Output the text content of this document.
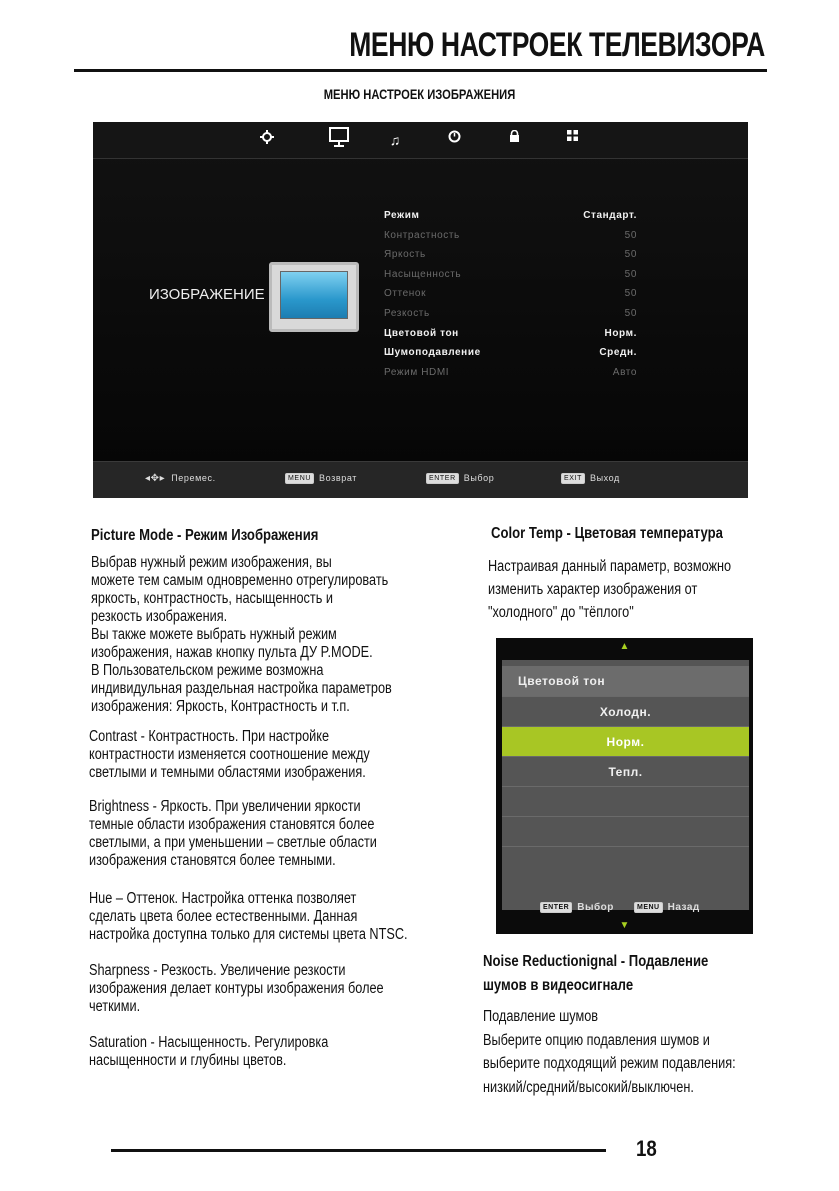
МЕНЮ НАСТРОЕК ТЕЛЕВИЗОРА
МЕНЮ НАСТРОЕК ИЗОБРАЖЕНИЯ
♫
ИЗОБРАЖЕНИЕ
Режим	Стандарт.
Контрастность	50
Яркость	50
Насыщенность	50
Оттенок	50
Резкость	50
Цветовой тон	Норм.
Шумоподавление	Средн.
Режим HDMI	Авто
◂✥▸ Перемес.	MENU Возврат	ENTER Выбор	EXIT Выход
Picture Mode - Режим Изображения
Выбрав нужный режим изображения, вы
можете тем самым одновременно отрегулировать
яркость, контрастность, насыщенность и
резкость изображения.
Вы также можете выбрать нужный режим
изображения, нажав кнопку пульта ДУ P.MODE.
В Пользовательском режиме возможна
индивидульная раздельная настройка параметров
изображения: Яркость, Контрастность и т.п.
Contrast - Контрастность. При настройке
контрастности изменяется соотношение между
светлыми и темными областями изображения.
Brightness - Яркость. При увеличении яркости
темные области изображения становятся более
светлыми, а при уменьшении – светлые области
изображения становятся более темными.
Hue – Оттенок. Настройка оттенка позволяет
сделать цвета более естественными. Данная
настройка доступна только для системы цвета NTSC.
Sharpness - Резкость. Увеличение резкости
изображения делает контуры изображения более
четкими.
Saturation - Насыщенность. Регулировка
насыщенности и глубины цветов.
Color Temp - Цветовая температура
Настраивая данный параметр, возможно
изменить характер изображения от
"холодного" до "тёплого"
▲
Цветовой тон
Холодн.
Норм.
Тепл.
ENTER Выбор	MENU Назад
▼
Noise Reductionignal - Подавление
шумов в видеосигнале
Подавление шумов
Выберите опцию подавления шумов и
выберите подходящий режим подавления:
низкий/средний/высокий/выключен.
18
